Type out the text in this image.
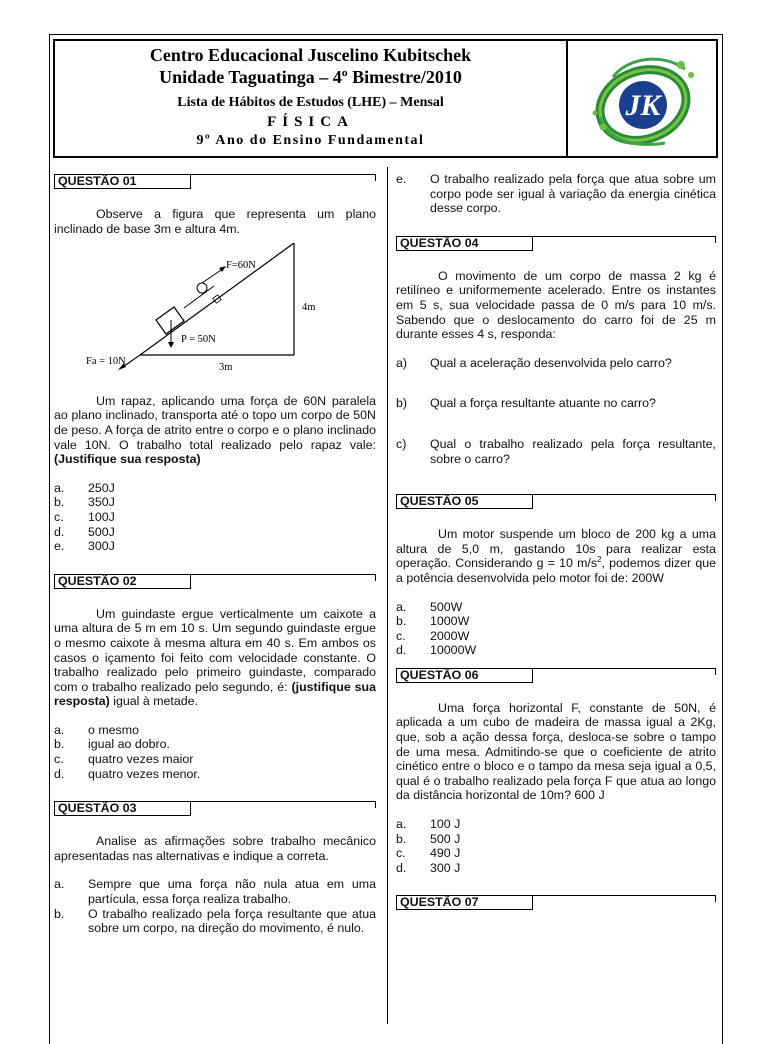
Centro Educacional Juscelino Kubitschek
Unidade Taguatinga – 4º Bimestre/2010
Lista de Hábitos de Estudos (LHE) – Mensal
FÍSICA
9º Ano do Ensino Fundamental
JK
QUESTÃO 01

Observe a figura que representa um plano inclinado de base 3m e altura 4m.

F=60N
4m
P = 50N
Fa = 10N
3m

Um rapaz, aplicando uma força de 60N paralela ao plano inclinado, transporta até o topo um corpo de 50N de peso. A força de atrito entre o corpo e o plano inclinado vale 10N. O trabalho total realizado pelo rapaz vale: (Justifique sua resposta)

a.	250J
b.	350J
c.	100J
d.	500J
e.	300J
QUESTÃO 02

Um guindaste ergue verticalmente um caixote a uma altura de 5 m em 10 s. Um segundo guindaste ergue o mesmo caixote à mesma altura em 40 s. Em ambos os casos o içamento foi feito com velocidade constante. O trabalho realizado pelo primeiro guindaste, comparado com o trabalho realizado pelo segundo, é: (justifique sua resposta) igual à metade.

a.	o mesmo
b.	igual ao dobro.
c.	quatro vezes maior
d.	quatro vezes menor.
QUESTÃO 03

Analise as afirmações sobre trabalho mecânico apresentadas nas alternativas e indique a correta.

a.	Sempre que uma força não nula atua em uma partícula, essa força realiza trabalho.
b.	O trabalho realizado pela força resultante que atua sobre um corpo, na direção do movimento, é nulo.
e.	O trabalho realizado pela força que atua sobre um corpo pode ser igual à variação da energia cinética desse corpo.
QUESTÃO 04

O movimento de um corpo de massa 2 kg é retilíneo e uniformemente acelerado. Entre os instantes em 5 s, sua velocidade passa de 0 m/s para 10 m/s. Sabendo que o deslocamento do carro foi de 25 m durante esses 4 s, responda:

a)	Qual a aceleração desenvolvida pelo carro?
b)	Qual a força resultante atuante no carro?
c)	Qual o trabalho realizado pela força resultante, sobre o carro?
QUESTÃO 05

Um motor suspende um bloco de 200 kg a uma altura de 5,0 m, gastando 10s para realizar esta operação. Considerando g = 10 $m/s^2$, podemos dizer que a potência desenvolvida pelo motor foi de: 200W

a.	500W
b.	1000W
c.	2000W
d.	10000W
QUESTÃO 06

Uma força horizontal F, constante de 50N, é aplicada a um cubo de madeira de massa igual a 2Kg, que, sob a ação dessa força, desloca-se sobre o tampo de uma mesa. Admitindo-se que o coeficiente de atrito cinético entre o bloco e o tampo da mesa seja igual a 0,5, qual é o trabalho realizado pela força F que atua ao longo da distância horizontal de 10m? 600 J

a.	100 J
b.	500 J
c.	490 J
d.	300 J
QUESTÃO 07
